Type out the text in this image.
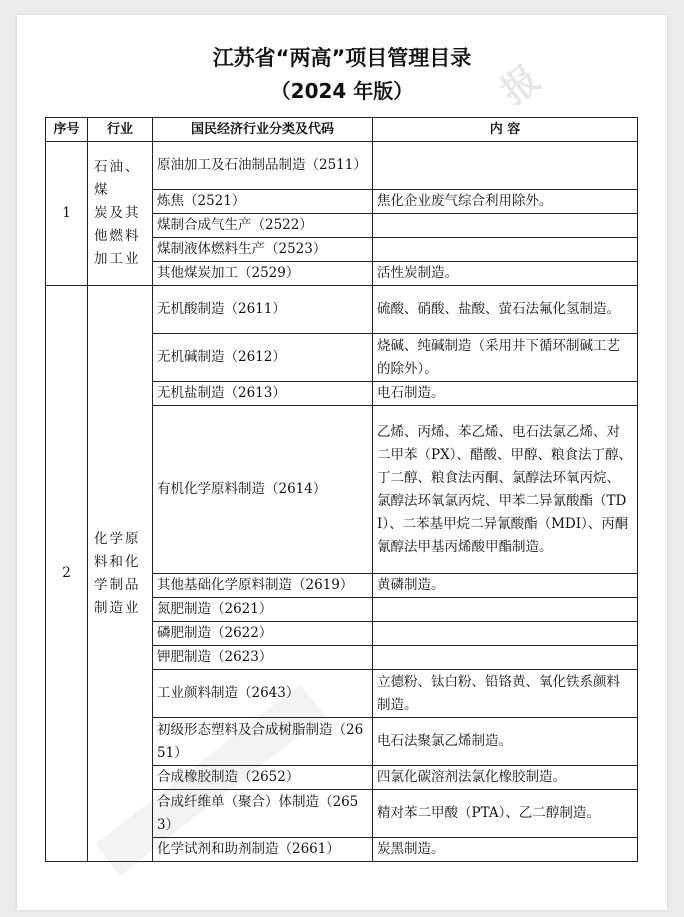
报
江苏省“两高”项目管理目录
（2024 年版）
序号	行业	国民经济行业分类及代码	内 容
1	石油、煤
炭及其
他燃料
加工业	原油加工及石油制品制造（2511）	
		炼焦（2521）	焦化企业废气综合利用除外。
		煤制合成气生产（2522）	
		煤制液体燃料生产（2523）	
		其他煤炭加工（2529）	活性炭制造。
2	化学原
料和化
学制品
制造业	无机酸制造（2611）	硫酸、硝酸、盐酸、萤石法氟化氢制造。
		无机碱制造（2612）	烧碱、纯碱制造（采用井下循环制碱工艺的除外）。
		无机盐制造（2613）	电石制造。
		有机化学原料制造（2614）	乙烯、丙烯、苯乙烯、电石法氯乙烯、对二甲苯（PX）、醋酸、甲醇、粮食法丁醇、丁二醇、粮食法丙酮、氯醇法环氧丙烷、氯醇法环氧氯丙烷、甲苯二异氰酸酯（TDI）、二苯基甲烷二异氰酸酯（MDI）、丙酮氰醇法甲基丙烯酸甲酯制造。
		其他基础化学原料制造（2619）	黄磷制造。
		氮肥制造（2621）	
		磷肥制造（2622）	
		钾肥制造（2623）	
		工业颜料制造（2643）	立德粉、钛白粉、铅铬黄、氧化铁系颜料制造。
		初级形态塑料及合成树脂制造（2651）	电石法聚氯乙烯制造。
		合成橡胶制造（2652）	四氯化碳溶剂法氯化橡胶制造。
		合成纤维单（聚合）体制造（2653）	精对苯二甲酸（PTA）、乙二醇制造。
		化学试剂和助剂制造（2661）	炭黑制造。
